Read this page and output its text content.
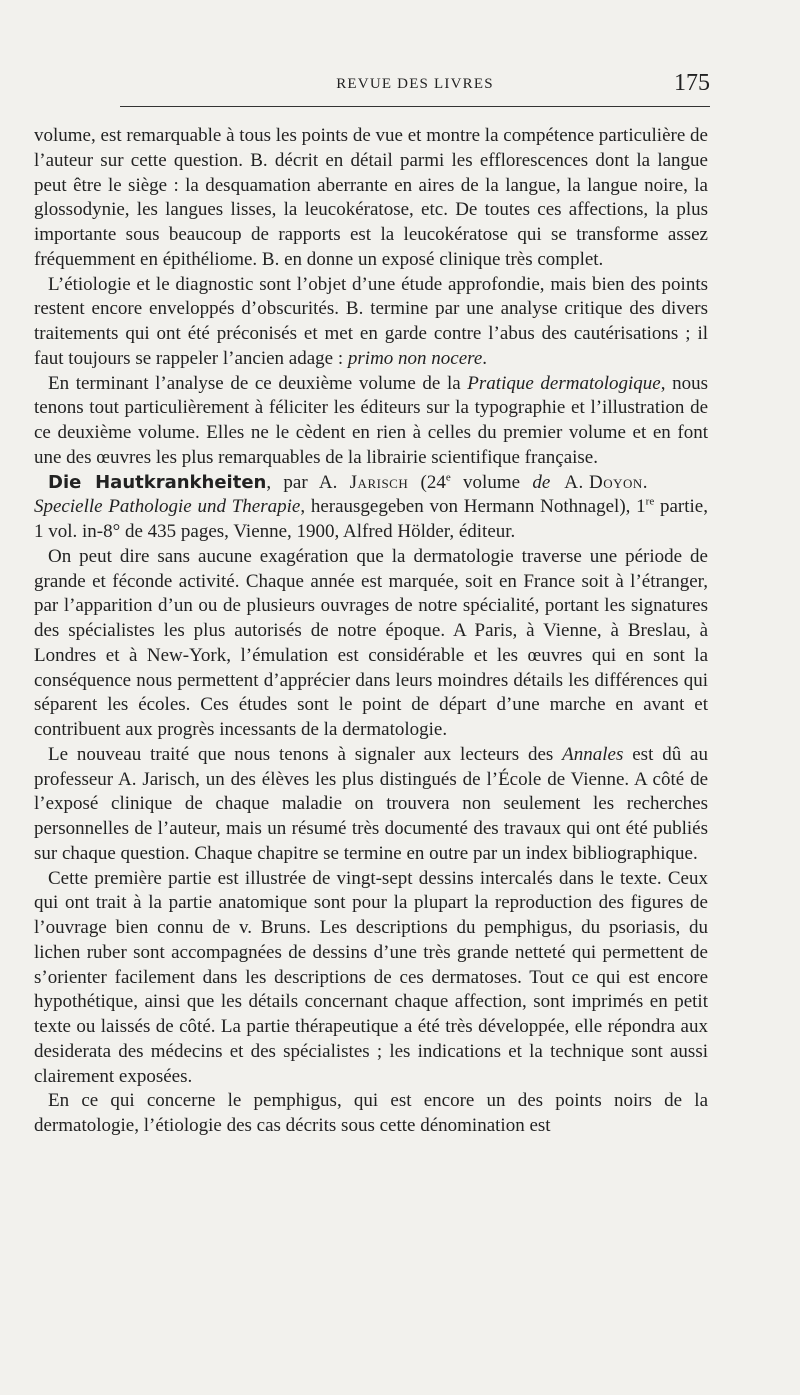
REVUE DES LIVRES	175

volume, est remarquable à tous les points de vue et montre la compétence particulière de l’auteur sur cette question. B. décrit en détail parmi les efflorescences dont la langue peut être le siège : la desquamation aberrante en aires de la langue, la langue noire, la glossodynie, les langues lisses, la leucokératose, etc. De toutes ces affections, la plus importante sous beaucoup de rapports est la leucokératose qui se transforme assez fréquemment en épithéliome. B. en donne un exposé clinique très complet.

L’étiologie et le diagnostic sont l’objet d’une étude approfondie, mais bien des points restent encore enveloppés d’obscurités. B. termine par une analyse critique des divers traitements qui ont été préconisés et met en garde contre l’abus des cautérisations ; il faut toujours se rappeler l’ancien adage : primo non nocere.

En terminant l’analyse de ce deuxième volume de la Pratique dermatologique, nous tenons tout particulièrement à féliciter les éditeurs sur la typographie et l’illustration de ce deuxième volume. Elles ne le cèdent en rien à celles du premier volume et en font une des œuvres les plus remarquables de la librairie scientifique française.
A. Doyon.

Die Hautkrankheiten, par A. Jarisch (24e volume de Specielle Pathologie und Therapie, herausgegeben von Hermann Nothnagel), 1re partie, 1 vol. in-8° de 435 pages, Vienne, 1900, Alfred Hölder, éditeur.

On peut dire sans aucune exagération que la dermatologie traverse une période de grande et féconde activité. Chaque année est marquée, soit en France soit à l’étranger, par l’apparition d’un ou de plusieurs ouvrages de notre spécialité, portant les signatures des spécialistes les plus autorisés de notre époque. A Paris, à Vienne, à Breslau, à Londres et à New-York, l’émulation est considérable et les œuvres qui en sont la conséquence nous permettent d’apprécier dans leurs moindres détails les différences qui séparent les écoles. Ces études sont le point de départ d’une marche en avant et contribuent aux progrès incessants de la dermatologie.

Le nouveau traité que nous tenons à signaler aux lecteurs des Annales est dû au professeur A. Jarisch, un des élèves les plus distingués de l’École de Vienne. A côté de l’exposé clinique de chaque maladie on trouvera non seulement les recherches personnelles de l’auteur, mais un résumé très documenté des travaux qui ont été publiés sur chaque question. Chaque chapitre se termine en outre par un index bibliographique.

Cette première partie est illustrée de vingt-sept dessins intercalés dans le texte. Ceux qui ont trait à la partie anatomique sont pour la plupart la reproduction des figures de l’ouvrage bien connu de v. Bruns. Les descriptions du pemphigus, du psoriasis, du lichen ruber sont accompagnées de dessins d’une très grande netteté qui permettent de s’orienter facilement dans les descriptions de ces dermatoses. Tout ce qui est encore hypothétique, ainsi que les détails concernant chaque affection, sont imprimés en petit texte ou laissés de côté. La partie thérapeutique a été très développée, elle répondra aux desiderata des médecins et des spécialistes ; les indications et la technique sont aussi clairement exposées.

En ce qui concerne le pemphigus, qui est encore un des points noirs de la dermatologie, l’étiologie des cas décrits sous cette dénomination est
